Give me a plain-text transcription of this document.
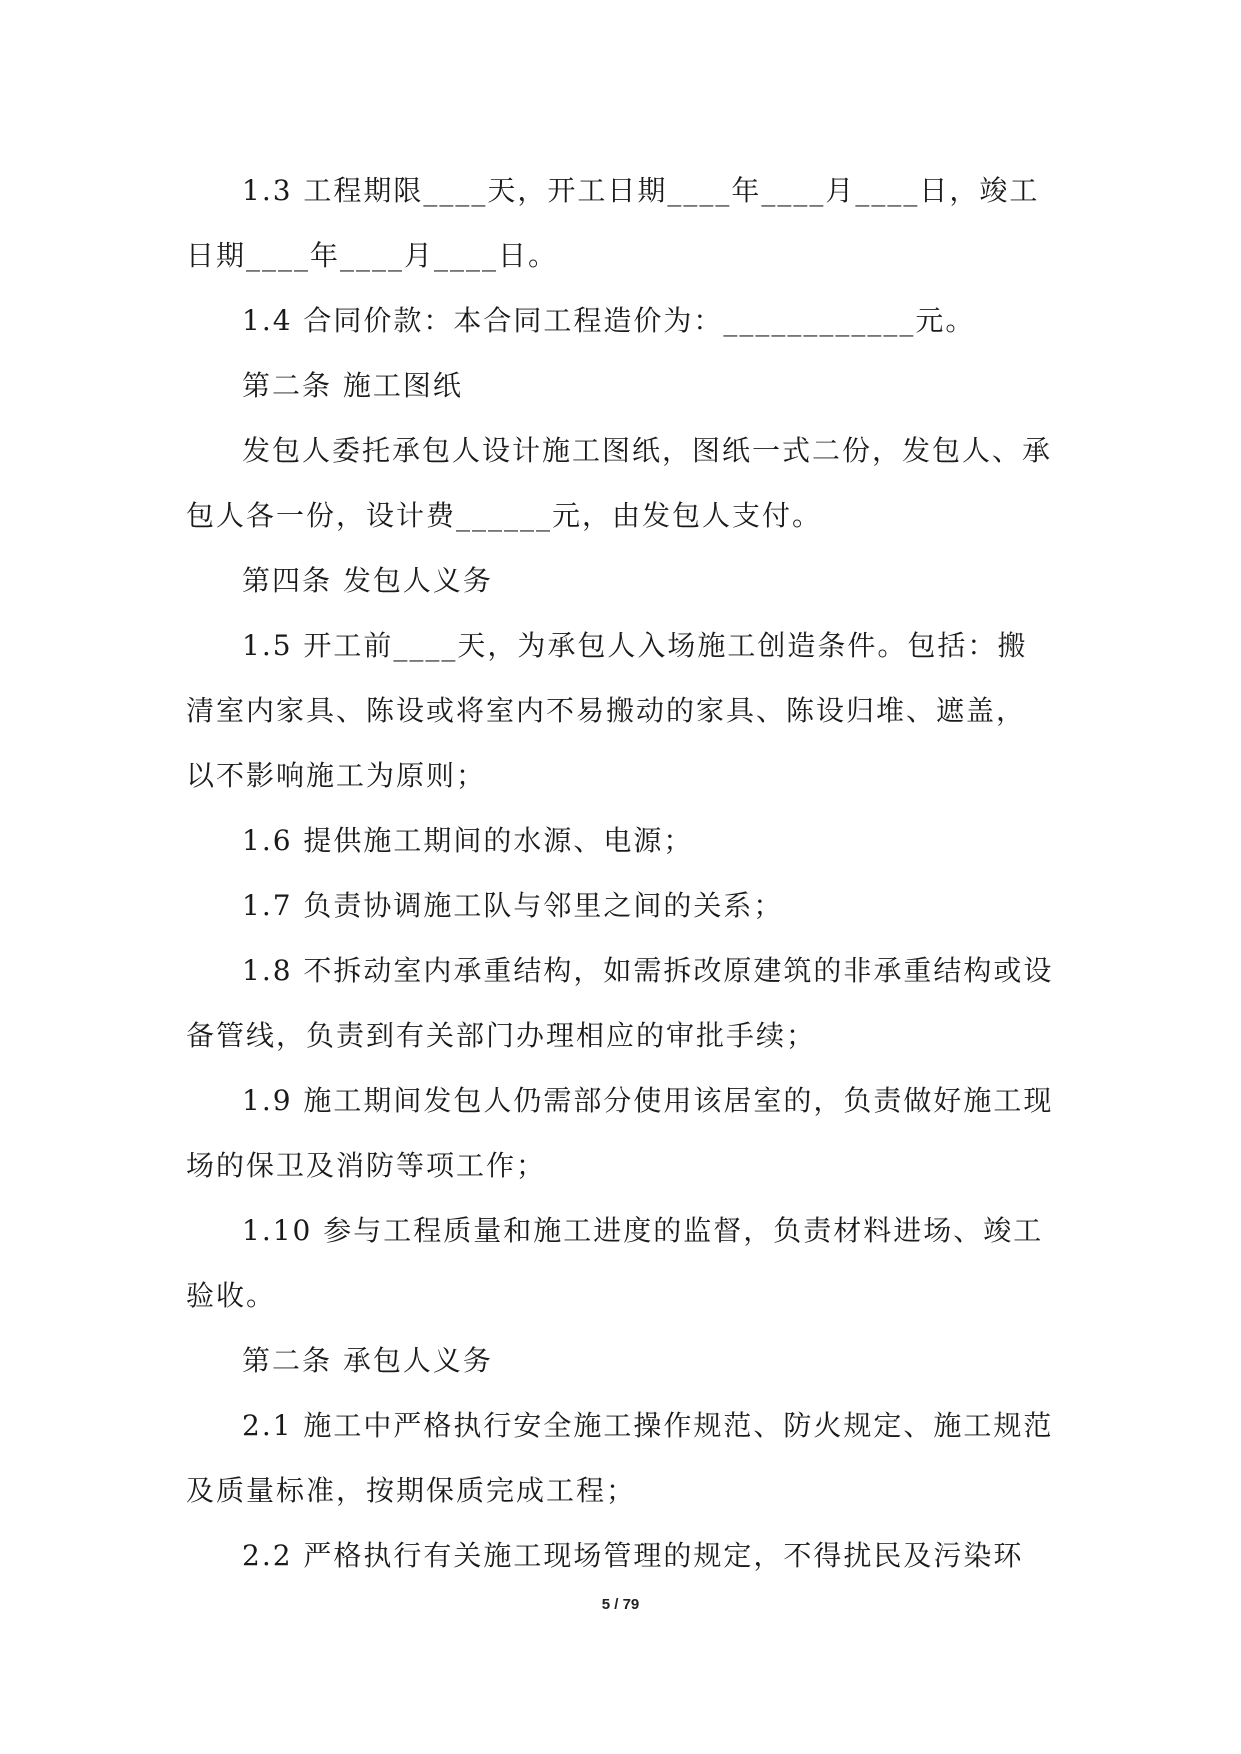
1.3 工程期限____天，开工日期____年____月____日，竣工日期____年____月____日。

1.4 合同价款：本合同工程造价为：____________元。

第二条 施工图纸

发包人委托承包人设计施工图纸，图纸一式二份，发包人、承包人各一份，设计费______元，由发包人支付。

第四条 发包人义务

1.5 开工前____天，为承包人入场施工创造条件。包括：搬清室内家具、陈设或将室内不易搬动的家具、陈设归堆、遮盖，以不影响施工为原则；

1.6 提供施工期间的水源、电源；

1.7 负责协调施工队与邻里之间的关系；

1.8 不拆动室内承重结构，如需拆改原建筑的非承重结构或设备管线，负责到有关部门办理相应的审批手续；

1.9 施工期间发包人仍需部分使用该居室的，负责做好施工现场的保卫及消防等项工作；

1.10 参与工程质量和施工进度的监督，负责材料进场、竣工验收。

第二条 承包人义务

2.1 施工中严格执行安全施工操作规范、防火规定、施工规范及质量标准，按期保质完成工程；

2.2 严格执行有关施工现场管理的规定，不得扰民及污染环

5 / 79
